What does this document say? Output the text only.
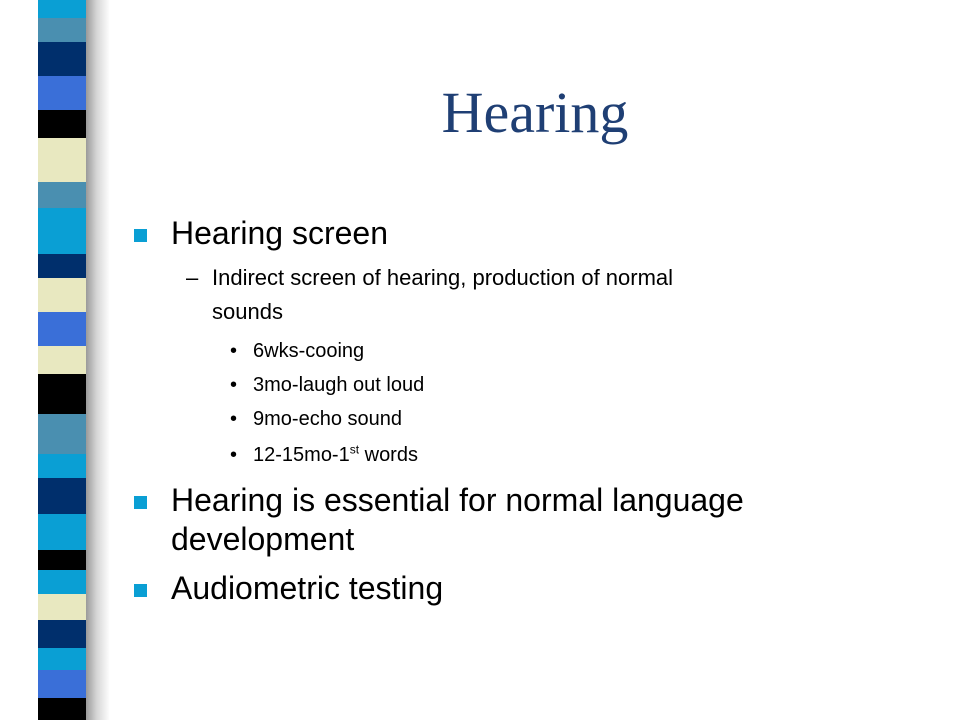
Hearing
Hearing screen
– Indirect screen of hearing, production of normal
sounds
• 6wks-cooing
• 3mo-laugh out loud
• 9mo-echo sound
• 12-15mo-1st words
Hearing is essential for normal language
development
Audiometric testing
